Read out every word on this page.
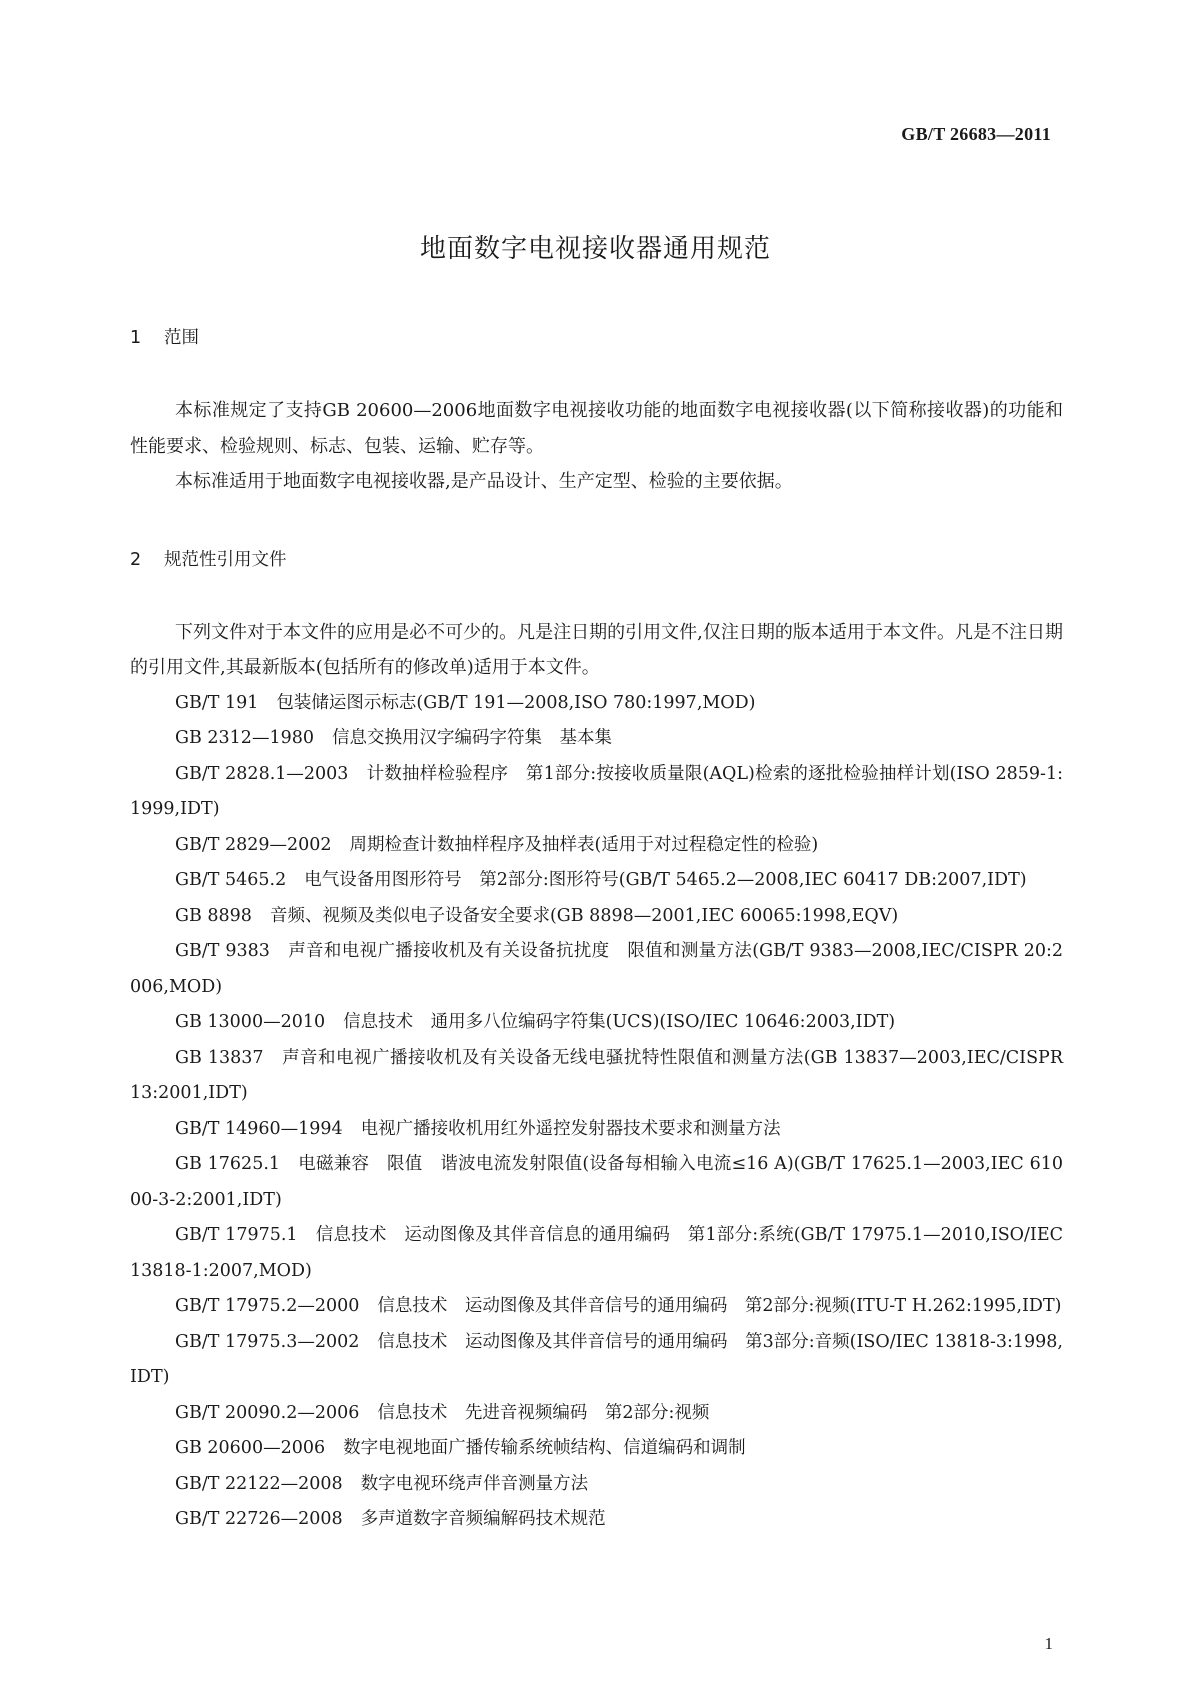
GB/T 26683—2011
地面数字电视接收器通用规范
1 范围

本标准规定了支持GB 20600—2006地面数字电视接收功能的地面数字电视接收器(以下简称接收器)的功能和性能要求、检验规则、标志、包装、运输、贮存等。

本标准适用于地面数字电视接收器,是产品设计、生产定型、检验的主要依据。

2 规范性引用文件

下列文件对于本文件的应用是必不可少的。凡是注日期的引用文件,仅注日期的版本适用于本文件。凡是不注日期的引用文件,其最新版本(包括所有的修改单)适用于本文件。

GB/T 191 包装储运图示标志(GB/T 191—2008,ISO 780:1997,MOD)

GB 2312—1980 信息交换用汉字编码字符集　基本集

GB/T 2828.1—2003 计数抽样检验程序　第1部分:按接收质量限(AQL)检索的逐批检验抽样计划(ISO 2859-1:1999,IDT)

GB/T 2829—2002 周期检查计数抽样程序及抽样表(适用于对过程稳定性的检验)

GB/T 5465.2 电气设备用图形符号　第2部分:图形符号(GB/T 5465.2—2008,IEC 60417 DB:2007,IDT)

GB 8898 音频、视频及类似电子设备安全要求(GB 8898—2001,IEC 60065:1998,EQV)

GB/T 9383 声音和电视广播接收机及有关设备抗扰度　限值和测量方法(GB/T 9383—2008,IEC/CISPR 20:2006,MOD)

GB 13000—2010 信息技术　通用多八位编码字符集(UCS)(ISO/IEC 10646:2003,IDT)

GB 13837 声音和电视广播接收机及有关设备无线电骚扰特性限值和测量方法(GB 13837—2003,IEC/CISPR 13:2001,IDT)

GB/T 14960—1994 电视广播接收机用红外遥控发射器技术要求和测量方法

GB 17625.1 电磁兼容　限值　谐波电流发射限值(设备每相输入电流≤16 A)(GB/T 17625.1—2003,IEC 61000-3-2:2001,IDT)

GB/T 17975.1 信息技术　运动图像及其伴音信息的通用编码　第1部分:系统(GB/T 17975.1—2010,ISO/IEC 13818-1:2007,MOD)

GB/T 17975.2—2000 信息技术　运动图像及其伴音信号的通用编码　第2部分:视频(ITU-T H.262:1995,IDT)

GB/T 17975.3—2002 信息技术　运动图像及其伴音信号的通用编码　第3部分:音频(ISO/IEC 13818-3:1998,IDT)

GB/T 20090.2—2006 信息技术　先进音视频编码　第2部分:视频

GB 20600—2006 数字电视地面广播传输系统帧结构、信道编码和调制

GB/T 22122—2008 数字电视环绕声伴音测量方法

GB/T 22726—2008 多声道数字音频编解码技术规范

1
